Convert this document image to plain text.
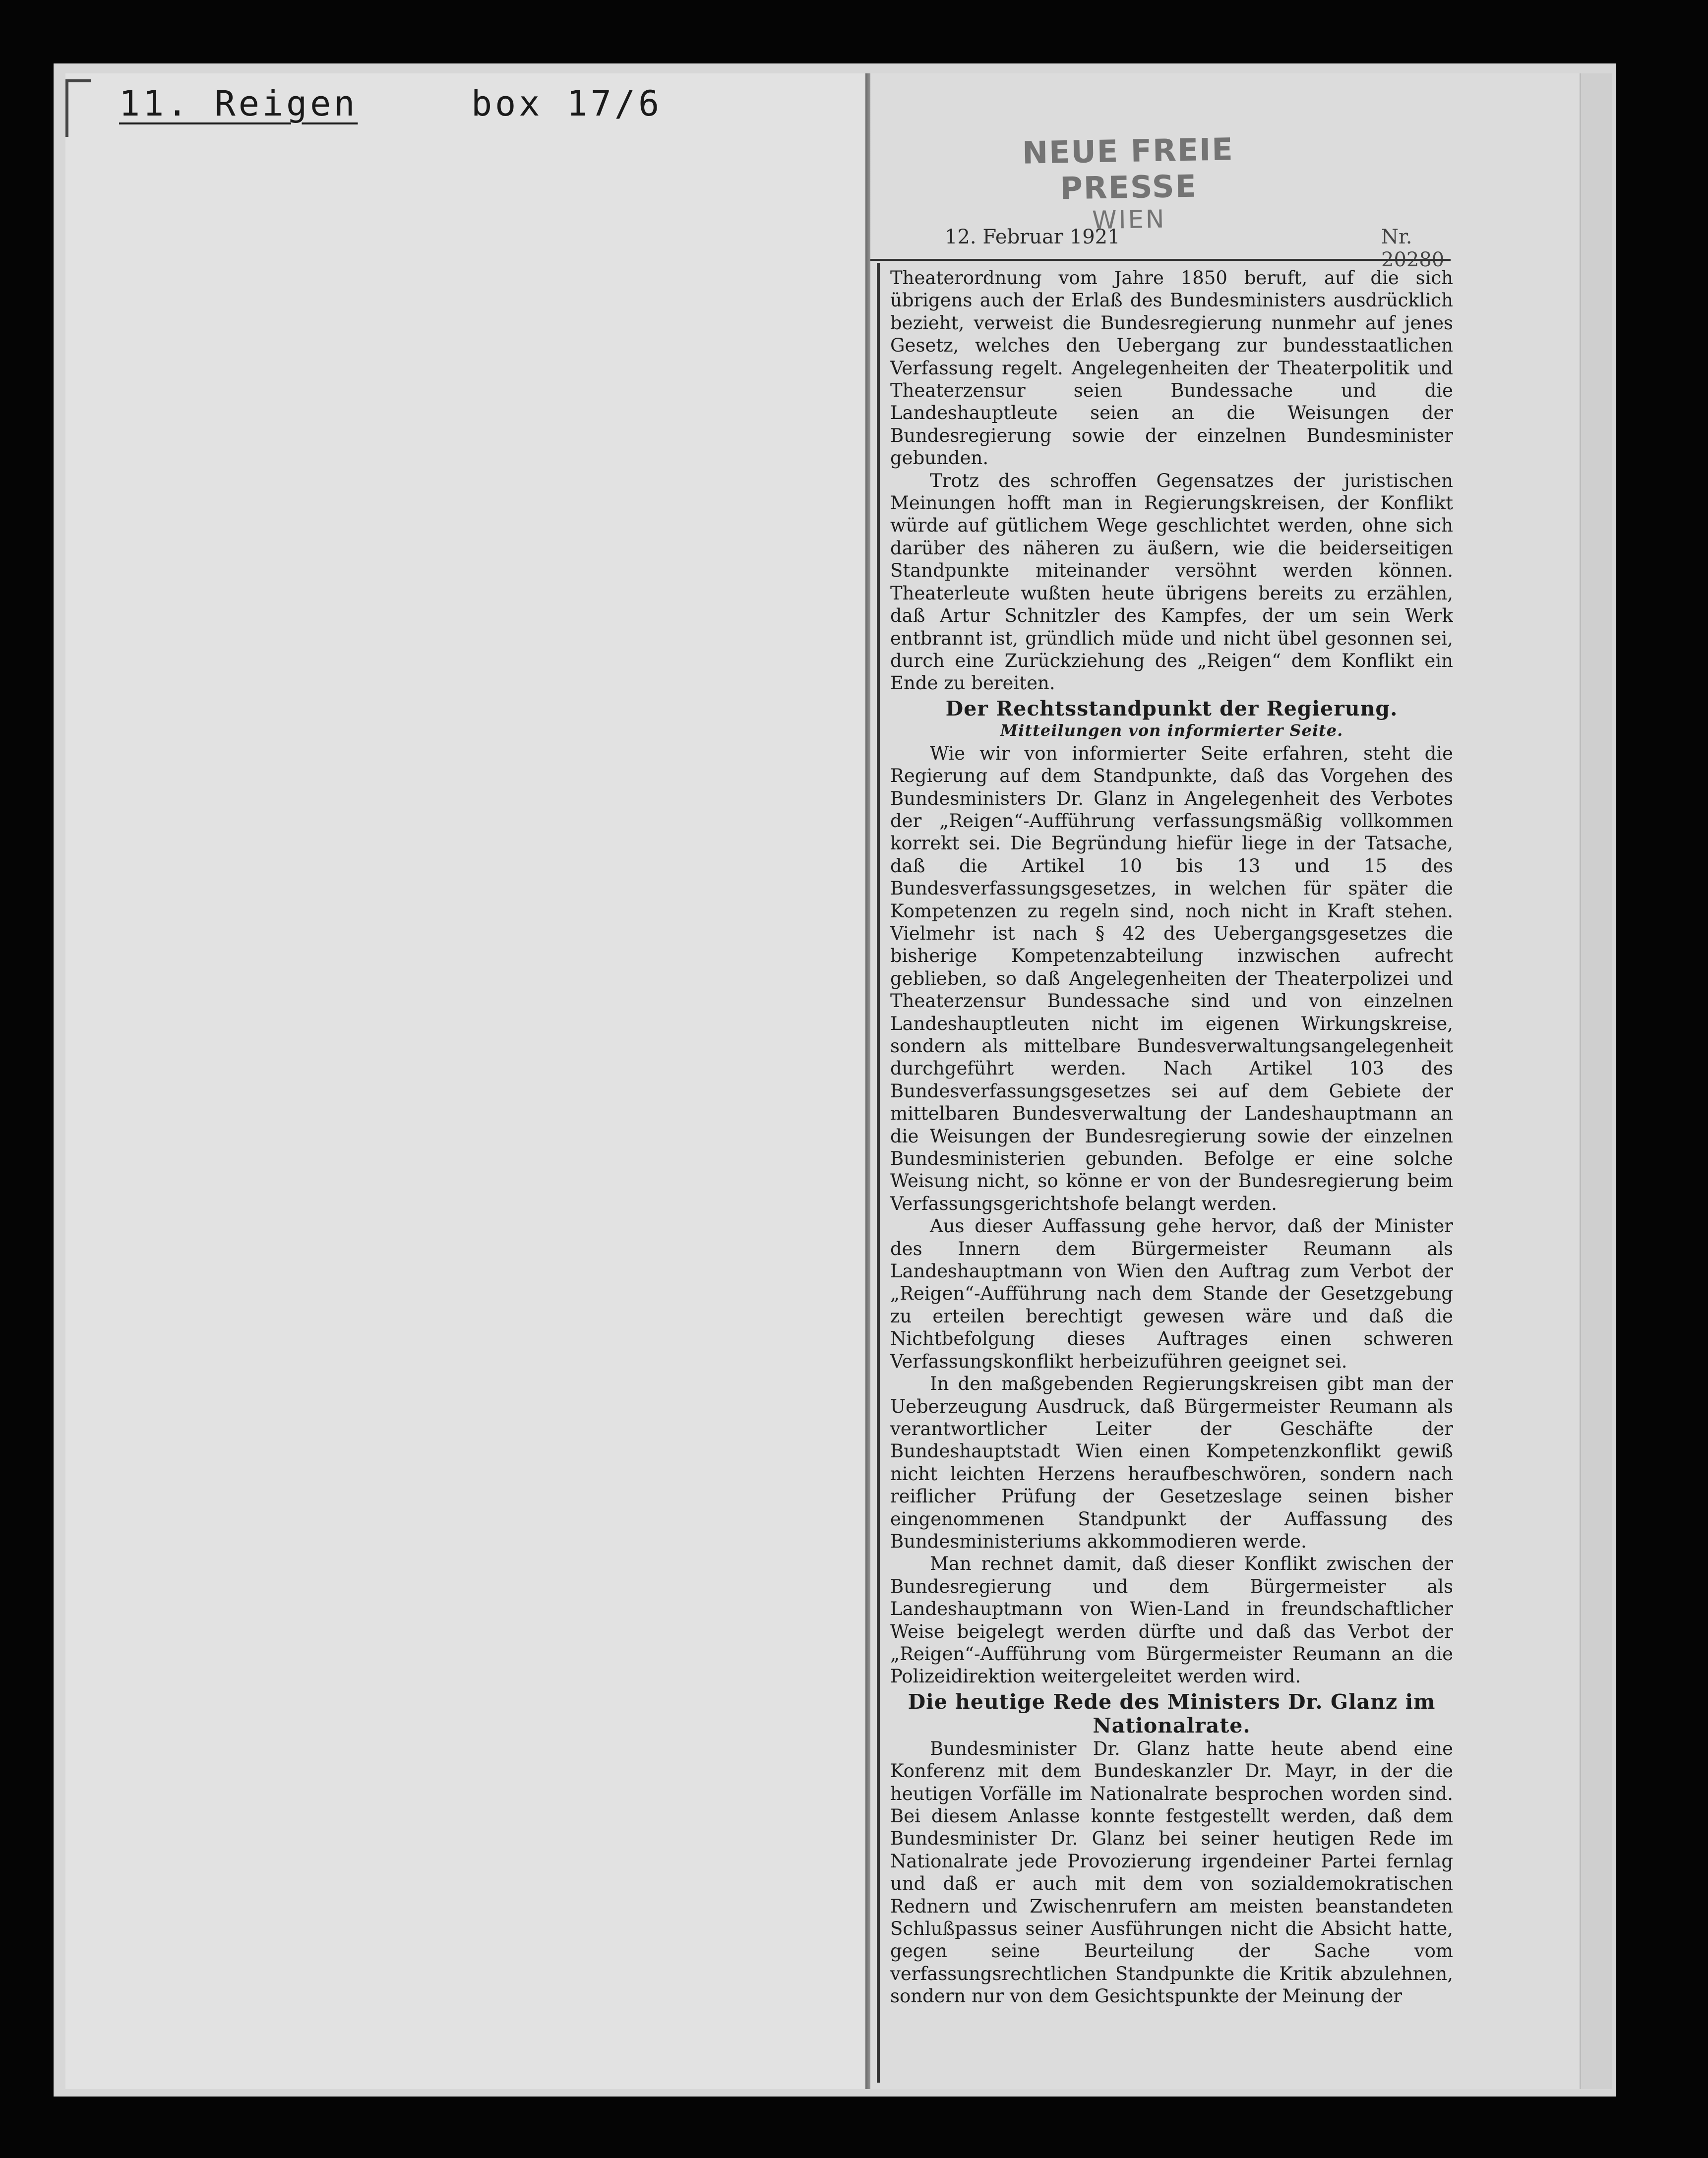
11. Reigen	box 17/6
NEUE FREIE PRESSE
WIEN
12. Februar 1921	Nr. 20280

Theaterordnung vom Jahre 1850 beruft, auf die sich übrigens auch der Erlaß des Bundesministers ausdrücklich bezieht, verweist die Bundesregierung nunmehr auf jenes Gesetz, welches den Uebergang zur bundesstaatlichen Verfassung regelt. Angelegenheiten der Theaterpolitik und Theaterzensur seien Bundessache und die Landeshauptleute seien an die Weisungen der Bundesregierung sowie der einzelnen Bundesminister gebunden.

Trotz des schroffen Gegensatzes der juristischen Meinungen hofft man in Regierungskreisen, der Konflikt würde auf gütlichem Wege geschlichtet werden, ohne sich darüber des näheren zu äußern, wie die beiderseitigen Standpunkte miteinander versöhnt werden können. Theaterleute wußten heute übrigens bereits zu erzählen, daß Artur Schnitzler des Kampfes, der um sein Werk entbrannt ist, gründlich müde und nicht übel gesonnen sei, durch eine Zurückziehung des „Reigen“ dem Konflikt ein Ende zu bereiten.

Der Rechtsstandpunkt der Regierung.
Mitteilungen von informierter Seite.

Wie wir von informierter Seite erfahren, steht die Regierung auf dem Standpunkte, daß das Vorgehen des Bundesministers Dr. Glanz in Angelegenheit des Verbotes der „Reigen“-Aufführung verfassungsmäßig vollkommen korrekt sei. Die Begründung hiefür liege in der Tatsache, daß die Artikel 10 bis 13 und 15 des Bundesverfassungsgesetzes, in welchen für später die Kompetenzen zu regeln sind, noch nicht in Kraft stehen. Vielmehr ist nach § 42 des Uebergangsgesetzes die bisherige Kompetenzabteilung inzwischen aufrecht geblieben, so daß Angelegenheiten der Theaterpolizei und Theaterzensur Bundessache sind und von einzelnen Landeshauptleuten nicht im eigenen Wirkungskreise, sondern als mittelbare Bundesverwaltungsangelegenheit durchgeführt werden. Nach Artikel 103 des Bundesverfassungsgesetzes sei auf dem Gebiete der mittelbaren Bundesverwaltung der Landeshauptmann an die Weisungen der Bundesregierung sowie der einzelnen Bundesministerien gebunden. Befolge er eine solche Weisung nicht, so könne er von der Bundesregierung beim Verfassungsgerichtshofe belangt werden.

Aus dieser Auffassung gehe hervor, daß der Minister des Innern dem Bürgermeister Reumann als Landeshauptmann von Wien den Auftrag zum Verbot der „Reigen“-Aufführung nach dem Stande der Gesetzgebung zu erteilen berechtigt gewesen wäre und daß die Nichtbefolgung dieses Auftrages einen schweren Verfassungskonflikt herbeizuführen geeignet sei.

In den maßgebenden Regierungskreisen gibt man der Ueberzeugung Ausdruck, daß Bürgermeister Reumann als verantwortlicher Leiter der Geschäfte der Bundeshauptstadt Wien einen Kompetenzkonflikt gewiß nicht leichten Herzens heraufbeschwören, sondern nach reiflicher Prüfung der Gesetzeslage seinen bisher eingenommenen Standpunkt der Auffassung des Bundesministeriums akkommodieren werde.

Man rechnet damit, daß dieser Konflikt zwischen der Bundesregierung und dem Bürgermeister als Landeshauptmann von Wien-Land in freundschaftlicher Weise beigelegt werden dürfte und daß das Verbot der „Reigen“-Aufführung vom Bürgermeister Reumann an die Polizeidirektion weitergeleitet werden wird.

Die heutige Rede des Ministers Dr. Glanz im Nationalrate.

Bundesminister Dr. Glanz hatte heute abend eine Konferenz mit dem Bundeskanzler Dr. Mayr, in der die heutigen Vorfälle im Nationalrate besprochen worden sind. Bei diesem Anlasse konnte festgestellt werden, daß dem Bundesminister Dr. Glanz bei seiner heutigen Rede im Nationalrate jede Provozierung irgendeiner Partei fernlag und daß er auch mit dem von sozialdemokratischen Rednern und Zwischenrufern am meisten beanstandeten Schlußpassus seiner Ausführungen nicht die Absicht hatte, gegen seine Beurteilung der Sache vom verfassungsrechtlichen Standpunkte die Kritik abzulehnen, sondern nur von dem Gesichtspunkte der Meinung der
